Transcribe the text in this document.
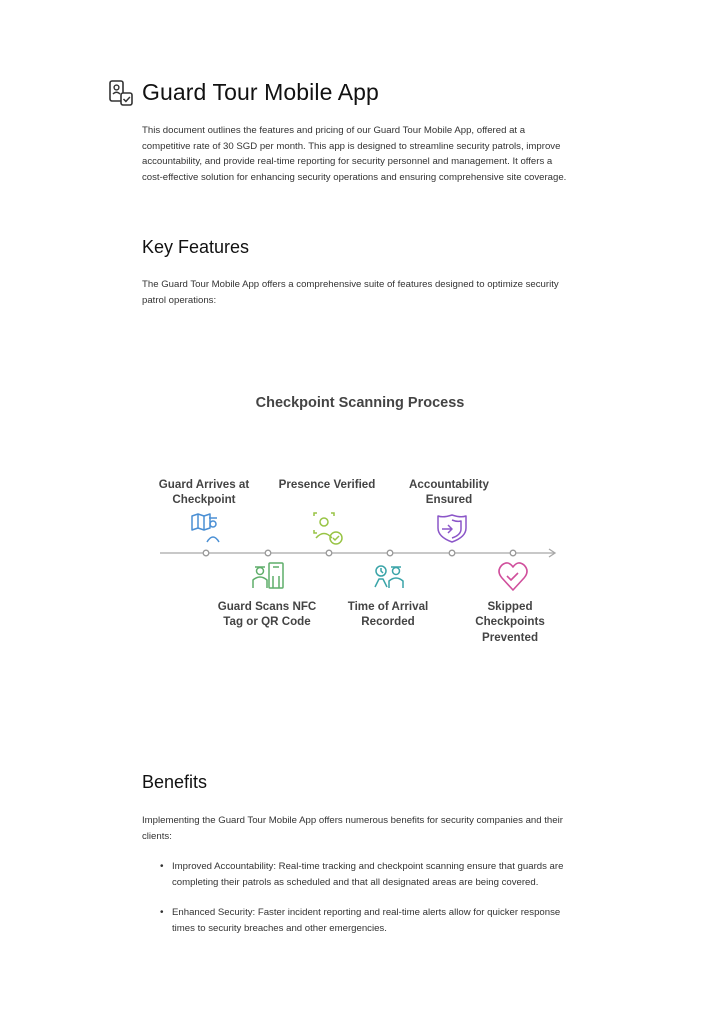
Guard Tour Mobile App

This document outlines the features and pricing of our Guard Tour Mobile App, offered at a competitive rate of 30 SGD per month. This app is designed to streamline security patrols, improve accountability, and provide real-time reporting for security personnel and management. It offers a cost-effective solution for enhancing security operations and ensuring comprehensive site coverage.

Key Features

The Guard Tour Mobile App offers a comprehensive suite of features designed to optimize security patrol operations:

Checkpoint Scanning Process
Guard Arrives at Checkpoint
Presence Verified	Accountability Ensured
Guard Scans NFC Tag or QR Code
Time of Arrival Recorded
Skipped Checkpoints Prevented
Benefits

Implementing the Guard Tour Mobile App offers numerous benefits for security companies and their clients:

• Improved Accountability: Real-time tracking and checkpoint scanning ensure that guards are completing their patrols as scheduled and that all designated areas are being covered.
• Enhanced Security: Faster incident reporting and real-time alerts allow for quicker response times to security breaches and other emergencies.
